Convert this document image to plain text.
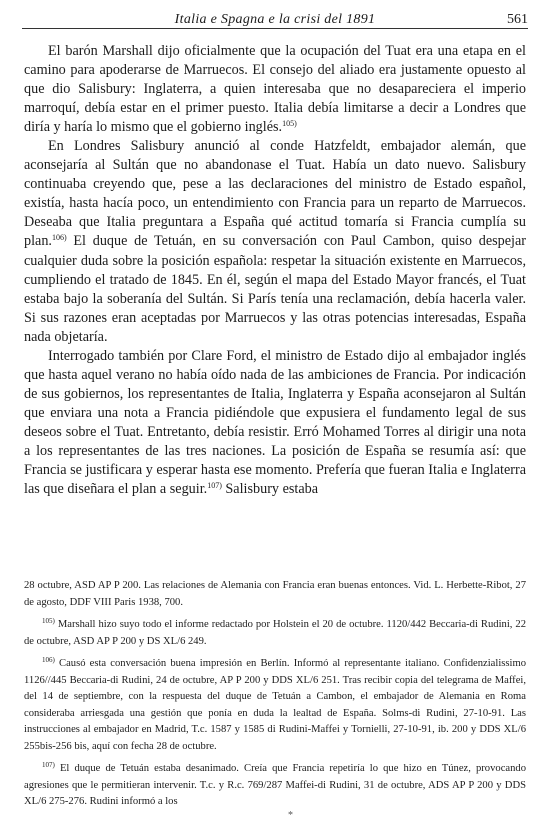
Italia e Spagna e la crisi del 1891	561

El barón Marshall dijo oficialmente que la ocupación del Tuat era una etapa en el camino para apoderarse de Marruecos. El consejo del aliado era justamente opuesto al que dio Salisbury: Inglaterra, a quien interesaba que no desapareciera el imperio marroquí, debía estar en el primer puesto. Italia debía limitarse a decir a Londres que diría y haría lo mismo que el gobierno inglés.$^{105)}$

En Londres Salisbury anunció al conde Hatzfeldt, embajador alemán, que aconsejaría al Sultán que no abandonase el Tuat. Había un dato nuevo. Salisbury continuaba creyendo que, pese a las declaraciones del ministro de Estado español, existía, hasta hacía poco, un entendimiento con Francia para un reparto de Marruecos. Deseaba que Italia preguntara a España qué actitud tomaría si Francia cumplía su plan.$^{106)}$ El duque de Tetuán, en su conversación con Paul Cambon, quiso despejar cualquier duda sobre la posición española: respetar la situación existente en Marruecos, cumpliendo el tratado de 1845. En él, según el mapa del Estado Mayor francés, el Tuat estaba bajo la soberanía del Sultán. Si París tenía una reclamación, debía hacerla valer. Si sus razones eran aceptadas por Marruecos y las otras potencias interesadas, España nada objetaría.

Interrogado también por Clare Ford, el ministro de Estado dijo al embajador inglés que hasta aquel verano no había oído nada de las ambiciones de Francia. Por indicación de sus gobiernos, los representantes de Italia, Inglaterra y España aconsejaron al Sultán que enviara una nota a Francia pidiéndole que expusiera el fundamento legal de sus deseos sobre el Tuat. Entretanto, debía resistir. Erró Mohamed Torres al dirigir una nota a los representantes de las tres naciones. La posición de España se resumía así: que Francia se justificara y esperar hasta ese momento. Prefería que fueran Italia e Inglaterra las que diseñara el plan a seguir.$^{107)}$ Salisbury estaba

28 octubre, ASD AP P 200. Las relaciones de Alemania con Francia eran buenas entonces. Vid. L. Herbette-Ribot, 27 de agosto, DDF VIII Paris 1938, 700.

$^{105)}$ Marshall hizo suyo todo el informe redactado por Holstein el 20 de octubre. 1120/442 Beccaria-di Rudini, 22 de octubre, ASD AP P 200 y DS XL/6 249.

$^{106)}$ Causó esta conversación buena impresión en Berlín. Informó al representante italiano. Confidenzialissimo 1126//445 Beccaria-di Rudini, 24 de octubre, AP P 200 y DDS XL/6 251. Tras recibir copia del telegrama de Maffei, del 14 de septiembre, con la respuesta del duque de Tetuán a Cambon, el embajador de Alemania en Roma consideraba arriesgada una gestión que ponía en duda la lealtad de España. Solms-di Rudini, 27-10-91. Las instrucciones al embajador en Madrid, T.c. 1587 y 1585 di Rudini-Maffei y Tornielli, 27-10-91, ib. 200 y DDS XL/6 255bis-256 bis, aquí con fecha 28 de octubre.

$^{107)}$ El duque de Tetuán estaba desanimado. Creía que Francia repetiría lo que hizo en Túnez, provocando agresiones que le permitieran intervenir. T.c. y R.c. 769/287 Maffei-di Rudini, 31 de octubre, ADS AP P 200 y DDS XL/6 275-276. Rudini informó a los

*
